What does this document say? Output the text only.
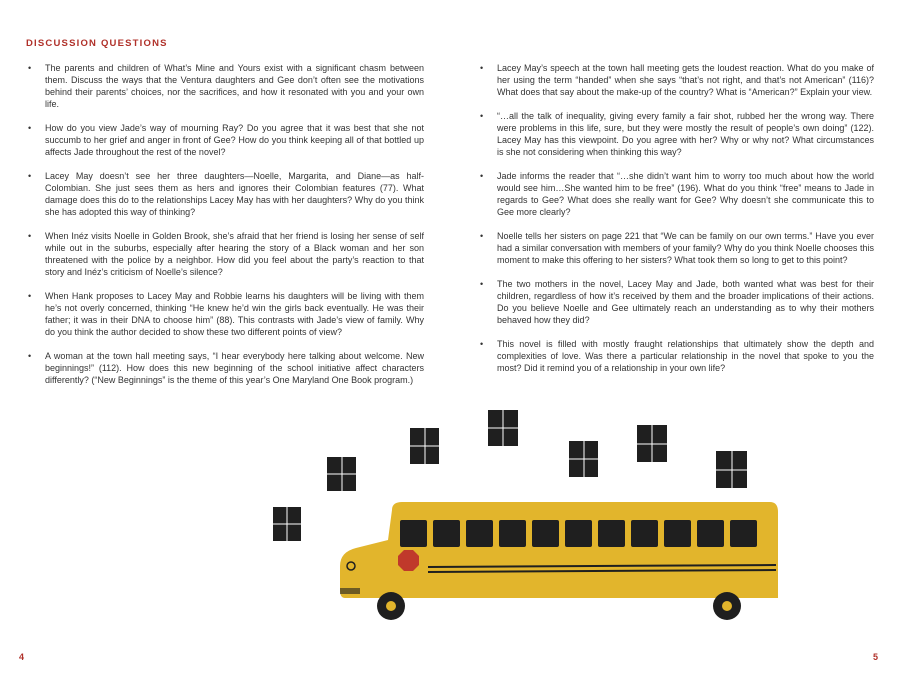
DISCUSSION QUESTIONS
• The parents and children of What’s Mine and Yours exist with a significant chasm between them. Discuss the ways that the Ventura daughters and Gee don’t often see the motivations behind their parents’ choices, nor the sacrifices, and how it resonated with you and your own life.
• How do you view Jade’s way of mourning Ray? Do you agree that it was best that she not succumb to her grief and anger in front of Gee? How do you think keeping all of that bottled up affects Jade throughout the rest of the novel?
• Lacey May doesn’t see her three daughters—Noelle, Margarita, and Diane—as half-Colombian. She just sees them as hers and ignores their Colombian features (77). What damage does this do to the relationships Lacey May has with her daughters? Why do you think she has adopted this way of thinking?
• When Inéz visits Noelle in Golden Brook, she’s afraid that her friend is losing her sense of self while out in the suburbs, especially after hearing the story of a Black woman and her son threatened with the police by a neighbor. How did you feel about the party’s reaction to that story and Inéz’s criticism of Noelle’s silence?
• When Hank proposes to Lacey May and Robbie learns his daughters will be living with them he’s not overly concerned, thinking “He knew he’d win the girls back eventually. He was their father; it was in their DNA to choose him” (88). This contrasts with Jade’s view of family. Why do you think the author decided to show these two different points of view?
• A woman at the town hall meeting says, “I hear everybody here talking about welcome. New beginnings!” (112). How does this new beginning of the school initiative affect characters differently? (“New Beginnings” is the theme of this year’s One Maryland One Book program.)
• Lacey May’s speech at the town hall meeting gets the loudest reaction. What do you make of her using the term “handed” when she says “that’s not right, and that’s not American” (116)? What does that say about the make-up of the country? What is “American?” Explain your view.
• “…all the talk of inequality, giving every family a fair shot, rubbed her the wrong way. There were problems in this life, sure, but they were mostly the result of people’s own doing” (122). Lacey May has this viewpoint. Do you agree with her? Why or why not? What circumstances is she not considering when thinking this way?
• Jade informs the reader that “…she didn’t want him to worry too much about how the world would see him…She wanted him to be free” (196). What do you think “free” means to Jade in regards to Gee? What does she really want for Gee? Why doesn’t she communicate this to Gee more clearly?
• Noelle tells her sisters on page 221 that “We can be family on our own terms.” Have you ever had a similar conversation with members of your family? Why do you think Noelle chooses this moment to make this offering to her sisters? What took them so long to get to this point?
• The two mothers in the novel, Lacey May and Jade, both wanted what was best for their children, regardless of how it’s received by them and the broader implications of their actions. Do you believe Noelle and Gee ultimately reach an understanding as to why their mothers behaved how they did?
• This novel is filled with mostly fraught relationships that ultimately show the depth and complexities of love. Was there a particular relationship in the novel that spoke to you the most? Did it remind you of a relationship in your own life?
4	5
